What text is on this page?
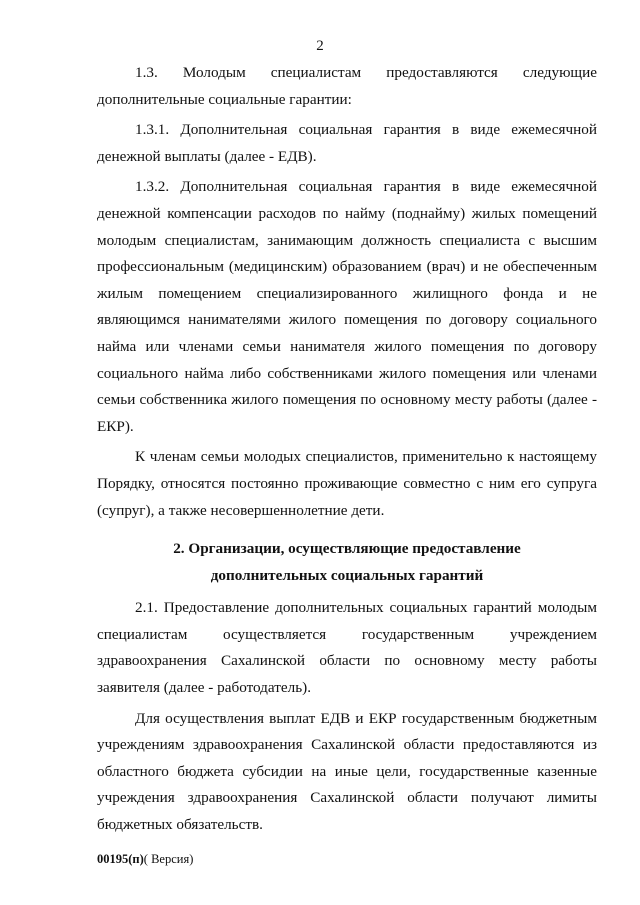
2

1.3. Молодым специалистам предоставляются следующие дополнительные социальные гарантии:

1.3.1. Дополнительная социальная гарантия в виде ежемесячной денежной выплаты (далее - ЕДВ).

1.3.2. Дополнительная социальная гарантия в виде ежемесячной денежной компенсации расходов по найму (поднайму) жилых помещений молодым специалистам, занимающим должность специалиста с высшим профессиональным (медицинским) образованием (врач) и не обеспеченным жилым помещением специализированного жилищного фонда и не являющимся нанимателями жилого помещения по договору социального найма или членами семьи нанимателя жилого помещения по договору социального найма либо собственниками жилого помещения или членами семьи собственника жилого помещения по основному месту работы (далее - ЕКР).

К членам семьи молодых специалистов, применительно к настоящему Порядку, относятся постоянно проживающие совместно с ним его супруга (супруг), а также несовершеннолетние дети.

2. Организации, осуществляющие предоставление
дополнительных социальных гарантий

2.1. Предоставление дополнительных социальных гарантий молодым специалистам осуществляется государственным учреждением здравоохранения Сахалинской области по основному месту работы заявителя (далее - работодатель).

Для осуществления выплат ЕДВ и ЕКР государственным бюджетным учреждениям здравоохранения Сахалинской области предоставляются из областного бюджета субсидии на иные цели, государственные казенные учреждения здравоохранения Сахалинской области получают лимиты бюджетных обязательств.

00195(п)( Версия)
